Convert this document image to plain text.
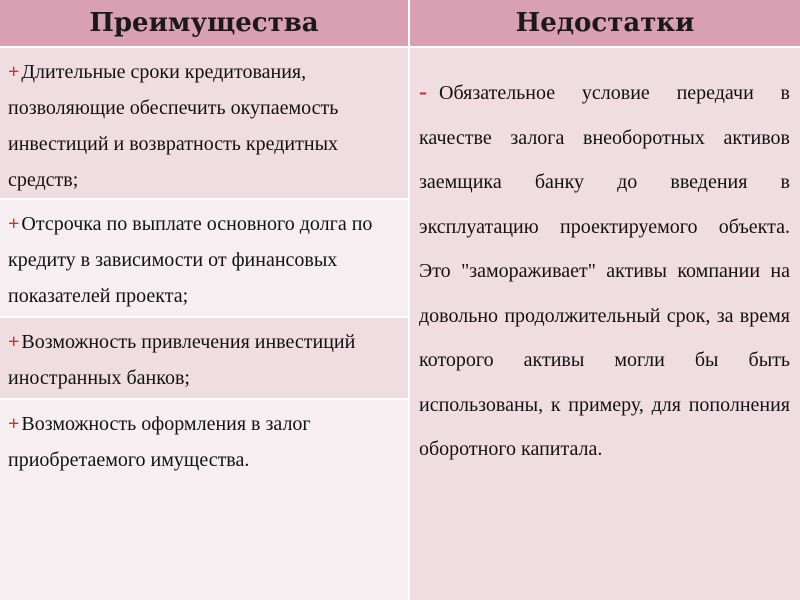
Преимущества	Недостатки
+ Длительные сроки кредитования, позволяющие обеспечить окупаемость инвестиций и возвратность кредитных средств;
+ Отсрочка по выплате основного долга по кредиту в зависимости от финансовых показателей проекта;
+ Возможность привлечения инвестиций иностранных банков;
+ Возможность оформления в залог приобретаемого имущества.
- Обязательное условие передачи в качестве залога внеоборотных активов заемщика банку до введения в эксплуатацию проектируемого объекта. Это "замораживает" активы компании на довольно продолжительный срок, за время которого активы могли бы быть использованы, к примеру, для пополнения оборотного капитала.
